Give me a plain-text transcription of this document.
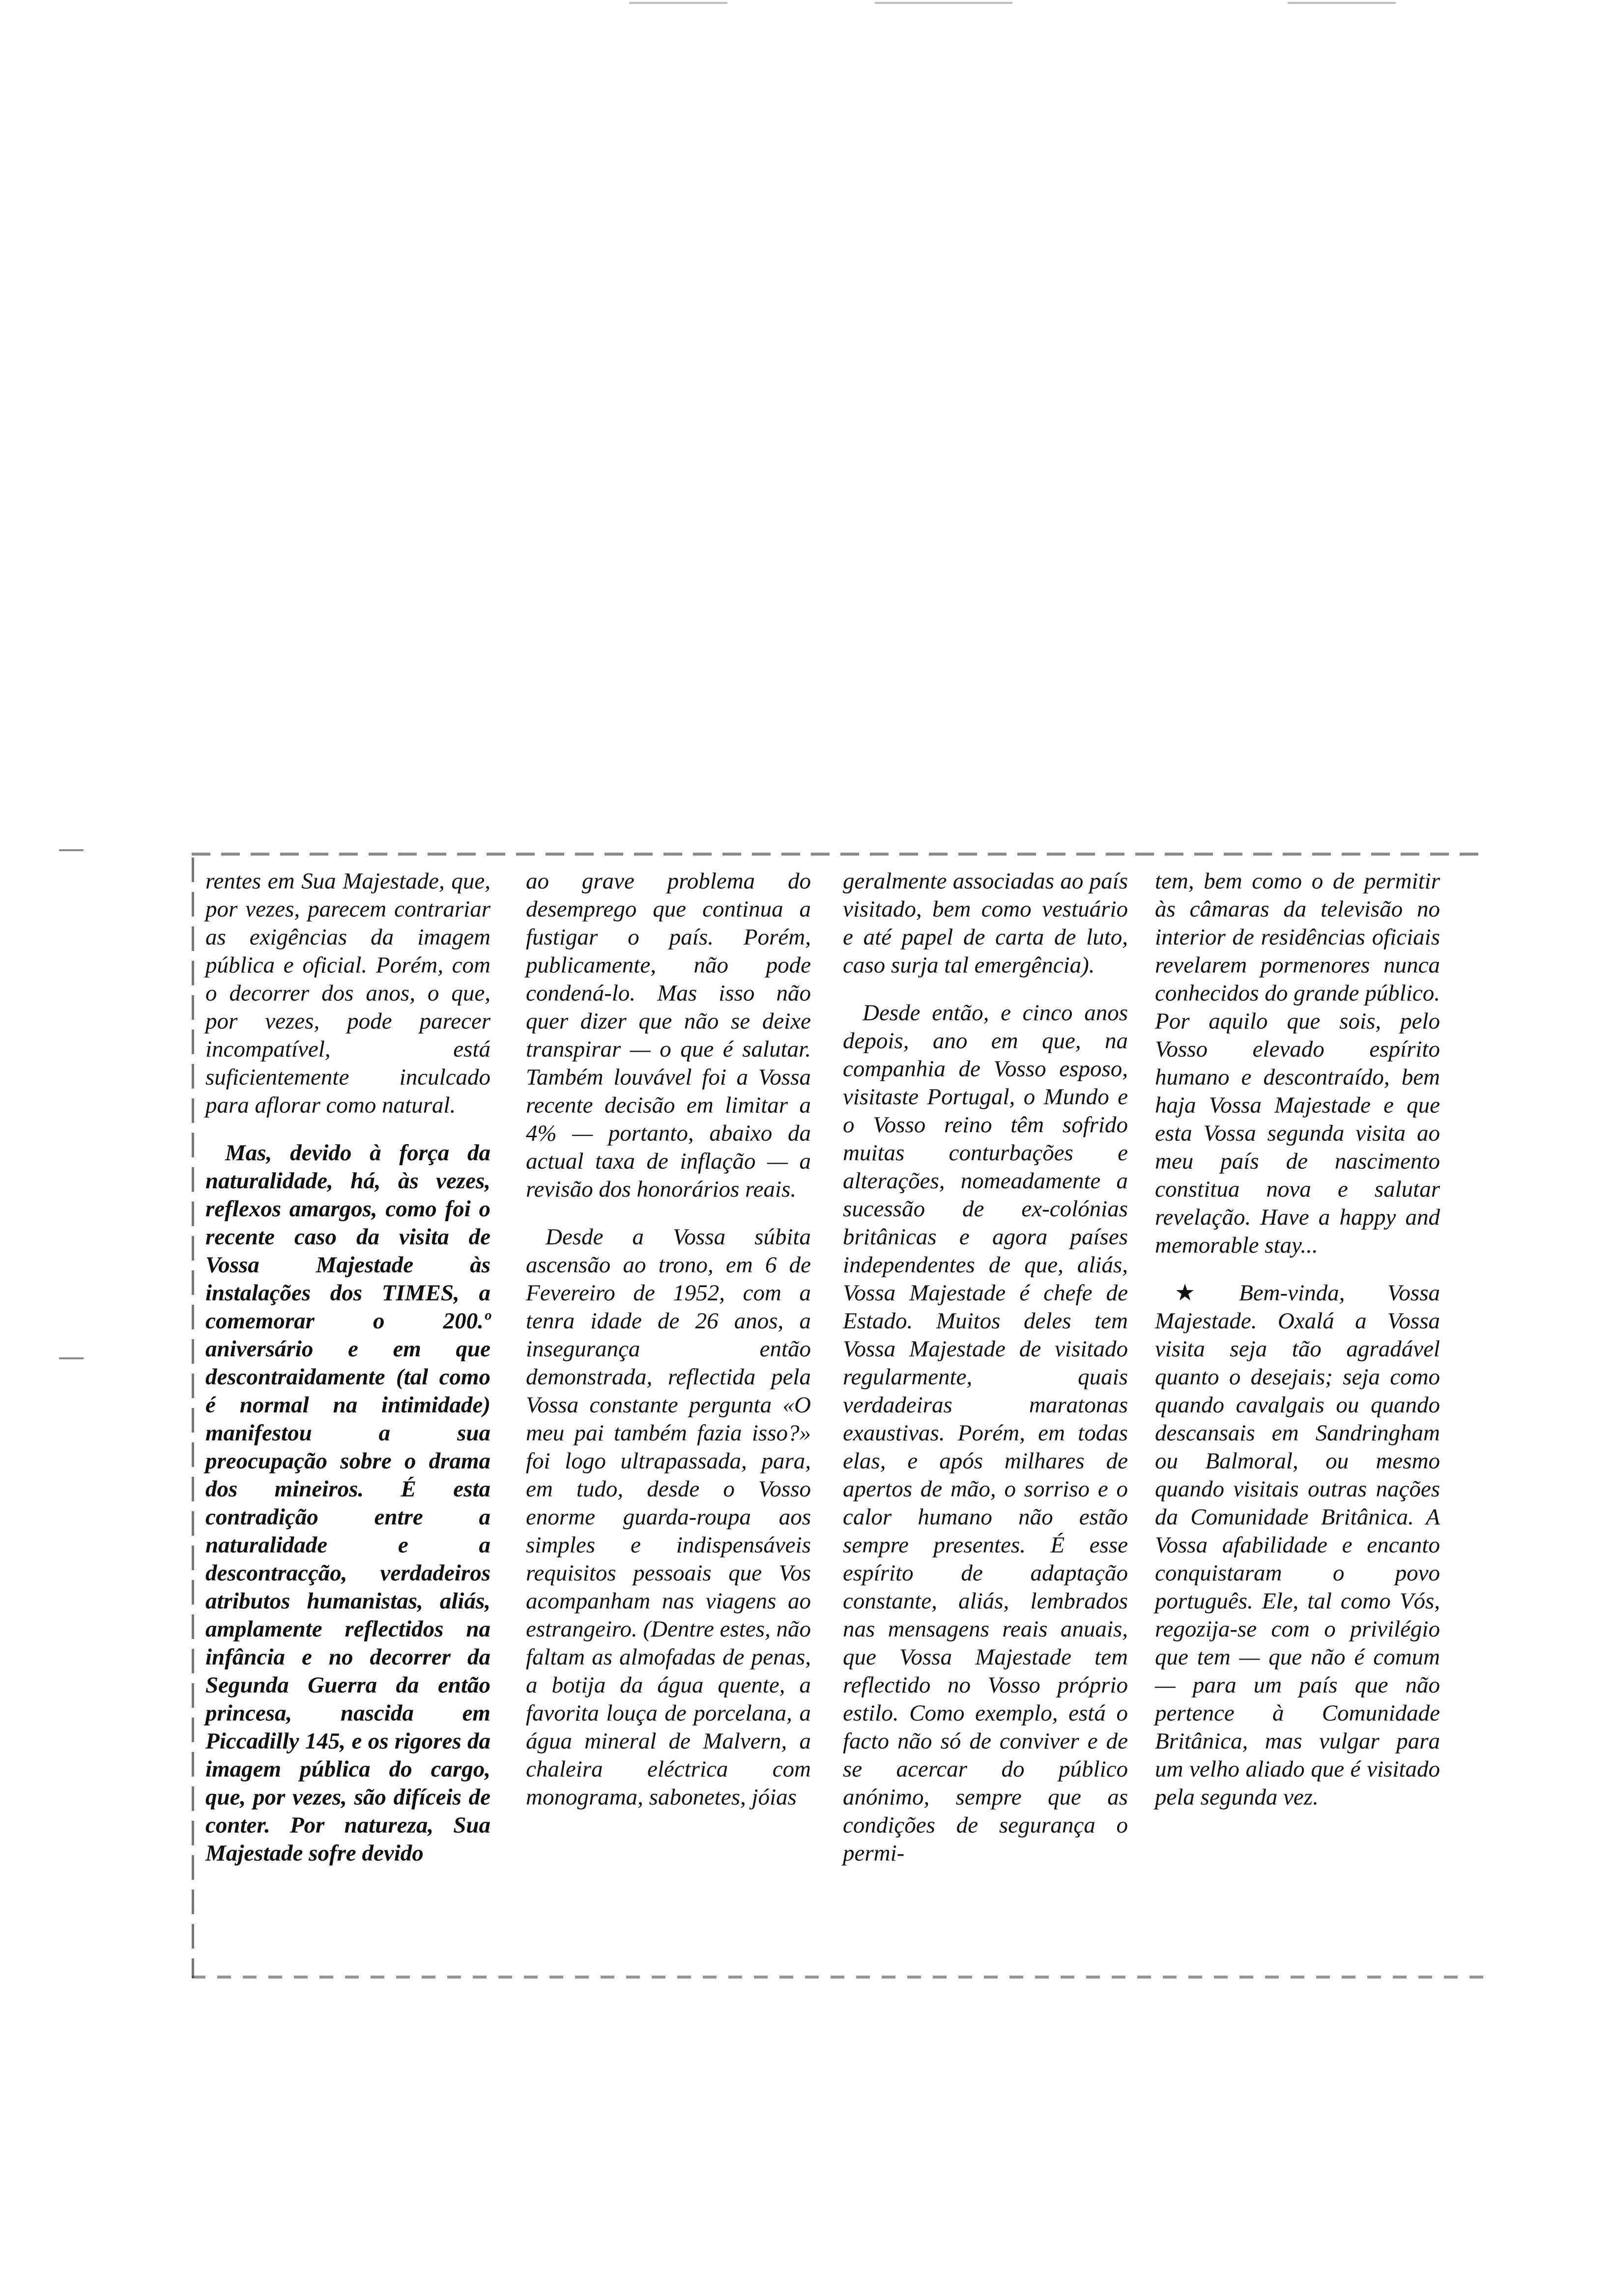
rentes em Sua Majestade, que, por vezes, parecem contrariar as exigências da imagem pública e oficial. Porém, com o decorrer dos anos, o que, por vezes, pode parecer incompatível, está suficientemente inculcado para aflorar como natural.

Mas, devido à força da naturalidade, há, às vezes, reflexos amargos, como foi o recente caso da visita de Vossa Majestade às instalações dos TIMES, a comemorar o 200.º aniversário e em que descontraidamente (tal como é normal na intimidade) manifestou a sua preocupação sobre o drama dos mineiros. É esta contradição entre a naturalidade e a descontracção, verdadeiros atributos humanistas, aliás, amplamente reflectidos na infância e no decorrer da Segunda Guerra da então princesa, nascida em Piccadilly 145, e os rigores da imagem pública do cargo, que, por vezes, são difíceis de conter. Por natureza, Sua Majestade sofre devido

ao grave problema do desemprego que continua a fustigar o país. Porém, publicamente, não pode condená-lo. Mas isso não quer dizer que não se deixe transpirar — o que é salutar. Também louvável foi a Vossa recente decisão em limitar a 4% — portanto, abaixo da actual taxa de inflação — a revisão dos honorários reais.

Desde a Vossa súbita ascensão ao trono, em 6 de Fevereiro de 1952, com a tenra idade de 26 anos, a insegurança então demonstrada, reflectida pela Vossa constante pergunta «O meu pai também fazia isso?» foi logo ultrapassada, para, em tudo, desde o Vosso enorme guarda-roupa aos simples e indispensáveis requisitos pessoais que Vos acompanham nas viagens ao estrangeiro. (Dentre estes, não faltam as almofadas de penas, a botija da água quente, a favorita louça de porcelana, a água mineral de Malvern, a chaleira eléctrica com monograma, sabonetes, jóias

geralmente associadas ao país visitado, bem como vestuário e até papel de carta de luto, caso surja tal emergência).

Desde então, e cinco anos depois, ano em que, na companhia de Vosso esposo, visitaste Portugal, o Mundo e o Vosso reino têm sofrido muitas conturbações e alterações, nomeadamente a sucessão de ex-colónias britânicas e agora países independentes de que, aliás, Vossa Majestade é chefe de Estado. Muitos deles tem Vossa Majestade de visitado regularmente, quais verdadeiras maratonas exaustivas. Porém, em todas elas, e após milhares de apertos de mão, o sorriso e o calor humano não estão sempre presentes. É esse espírito de adaptação constante, aliás, lembrados nas mensagens reais anuais, que Vossa Majestade tem reflectido no Vosso próprio estilo. Como exemplo, está o facto não só de conviver e de se acercar do público anónimo, sempre que as condições de segurança o permi-

tem, bem como o de permitir às câmaras da televisão no interior de residências oficiais revelarem pormenores nunca conhecidos do grande público. Por aquilo que sois, pelo Vosso elevado espírito humano e descontraído, bem haja Vossa Majestade e que esta Vossa segunda visita ao meu país de nascimento constitua nova e salutar revelação. Have a happy and memorable stay...

★ Bem-vinda, Vossa Majestade. Oxalá a Vossa visita seja tão agradável quanto o desejais; seja como quando cavalgais ou quando descansais em Sandringham ou Balmoral, ou mesmo quando visitais outras nações da Comunidade Britânica. A Vossa afabilidade e encanto conquistaram o povo português. Ele, tal como Vós, regozija-se com o privilégio que tem — que não é comum — para um país que não pertence à Comunidade Britânica, mas vulgar para um velho aliado que é visitado pela segunda vez.
